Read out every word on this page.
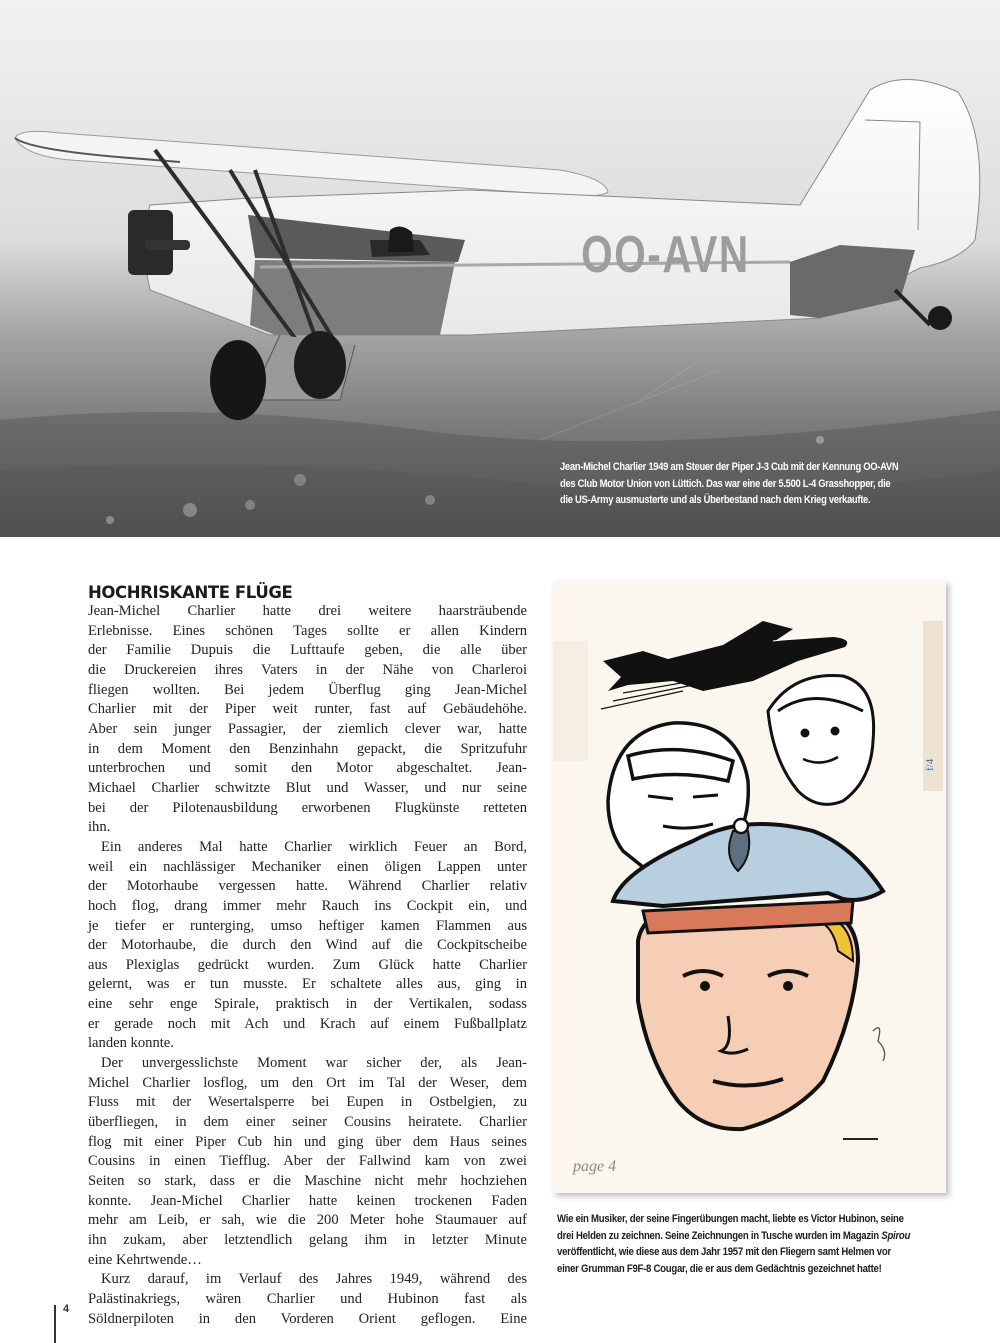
OO-AVN
Jean-Michel Charlier 1949 am Steuer der Piper J-3 Cub mit der Kennung OO-AVN
des Club Motor Union von Lüttich. Das war eine der 5.500 L-4 Grasshopper, die
die US-Army ausmusterte und als Überbestand nach dem Krieg verkaufte.
HOCHRISKANTE FLÜGE
Jean-Michel Charlier hatte drei weitere haarsträubende
Erlebnisse. Eines schönen Tages sollte er allen Kindern
der Familie Dupuis die Lufttaufe geben, die alle über
die Druckereien ihres Vaters in der Nähe von Charleroi
fliegen wollten. Bei jedem Überflug ging Jean-Michel
Charlier mit der Piper weit runter, fast auf Gebäudehöhe.
Aber sein junger Passagier, der ziemlich clever war, hatte
in dem Moment den Benzinhahn gepackt, die Spritzufuhr
unterbrochen und somit den Motor abgeschaltet. Jean-
Michael Charlier schwitzte Blut und Wasser, und nur seine
bei der Pilotenausbildung erworbenen Flugkünste retteten
ihn.
Ein anderes Mal hatte Charlier wirklich Feuer an Bord,
weil ein nachlässiger Mechaniker einen öligen Lappen unter
der Motorhaube vergessen hatte. Während Charlier relativ
hoch flog, drang immer mehr Rauch ins Cockpit ein, und
je tiefer er runterging, umso heftiger kamen Flammen aus
der Motorhaube, die durch den Wind auf die Cockpitscheibe
aus Plexiglas gedrückt wurden. Zum Glück hatte Charlier
gelernt, was er tun musste. Er schaltete alles aus, ging in
eine sehr enge Spirale, praktisch in der Vertikalen, sodass
er gerade noch mit Ach und Krach auf einem Fußballplatz
landen konnte.
Der unvergesslichste Moment war sicher der, als Jean-
Michel Charlier losflog, um den Ort im Tal der Weser, dem
Fluss mit der Wesertalsperre bei Eupen in Ostbelgien, zu
überfliegen, in dem einer seiner Cousins heiratete. Charlier
flog mit einer Piper Cub hin und ging über dem Haus seines
Cousins in einen Tiefflug. Aber der Fallwind kam von zwei
Seiten so stark, dass er die Maschine nicht mehr hochziehen
konnte. Jean-Michel Charlier hatte keinen trockenen Faden
mehr am Leib, er sah, wie die 200 Meter hohe Staumauer auf
ihn zukam, aber letztendlich gelang ihm in letzter Minute
eine Kehrtwende…
Kurz darauf, im Verlauf des Jahres 1949, während des
Palästinakriegs, wären Charlier und Hubinon fast als
Söldnerpiloten in den Vorderen Orient geflogen. Eine
f/4
page 4
Wie ein Musiker, der seine Fingerübungen macht, liebte es Victor Hubinon, seine
drei Helden zu zeichnen. Seine Zeichnungen in Tusche wurden im Magazin Spirou
veröffentlicht, wie diese aus dem Jahr 1957 mit den Fliegern samt Helmen vor
einer Grumman F9F-8 Cougar, die er aus dem Gedächtnis gezeichnet hatte!
4
